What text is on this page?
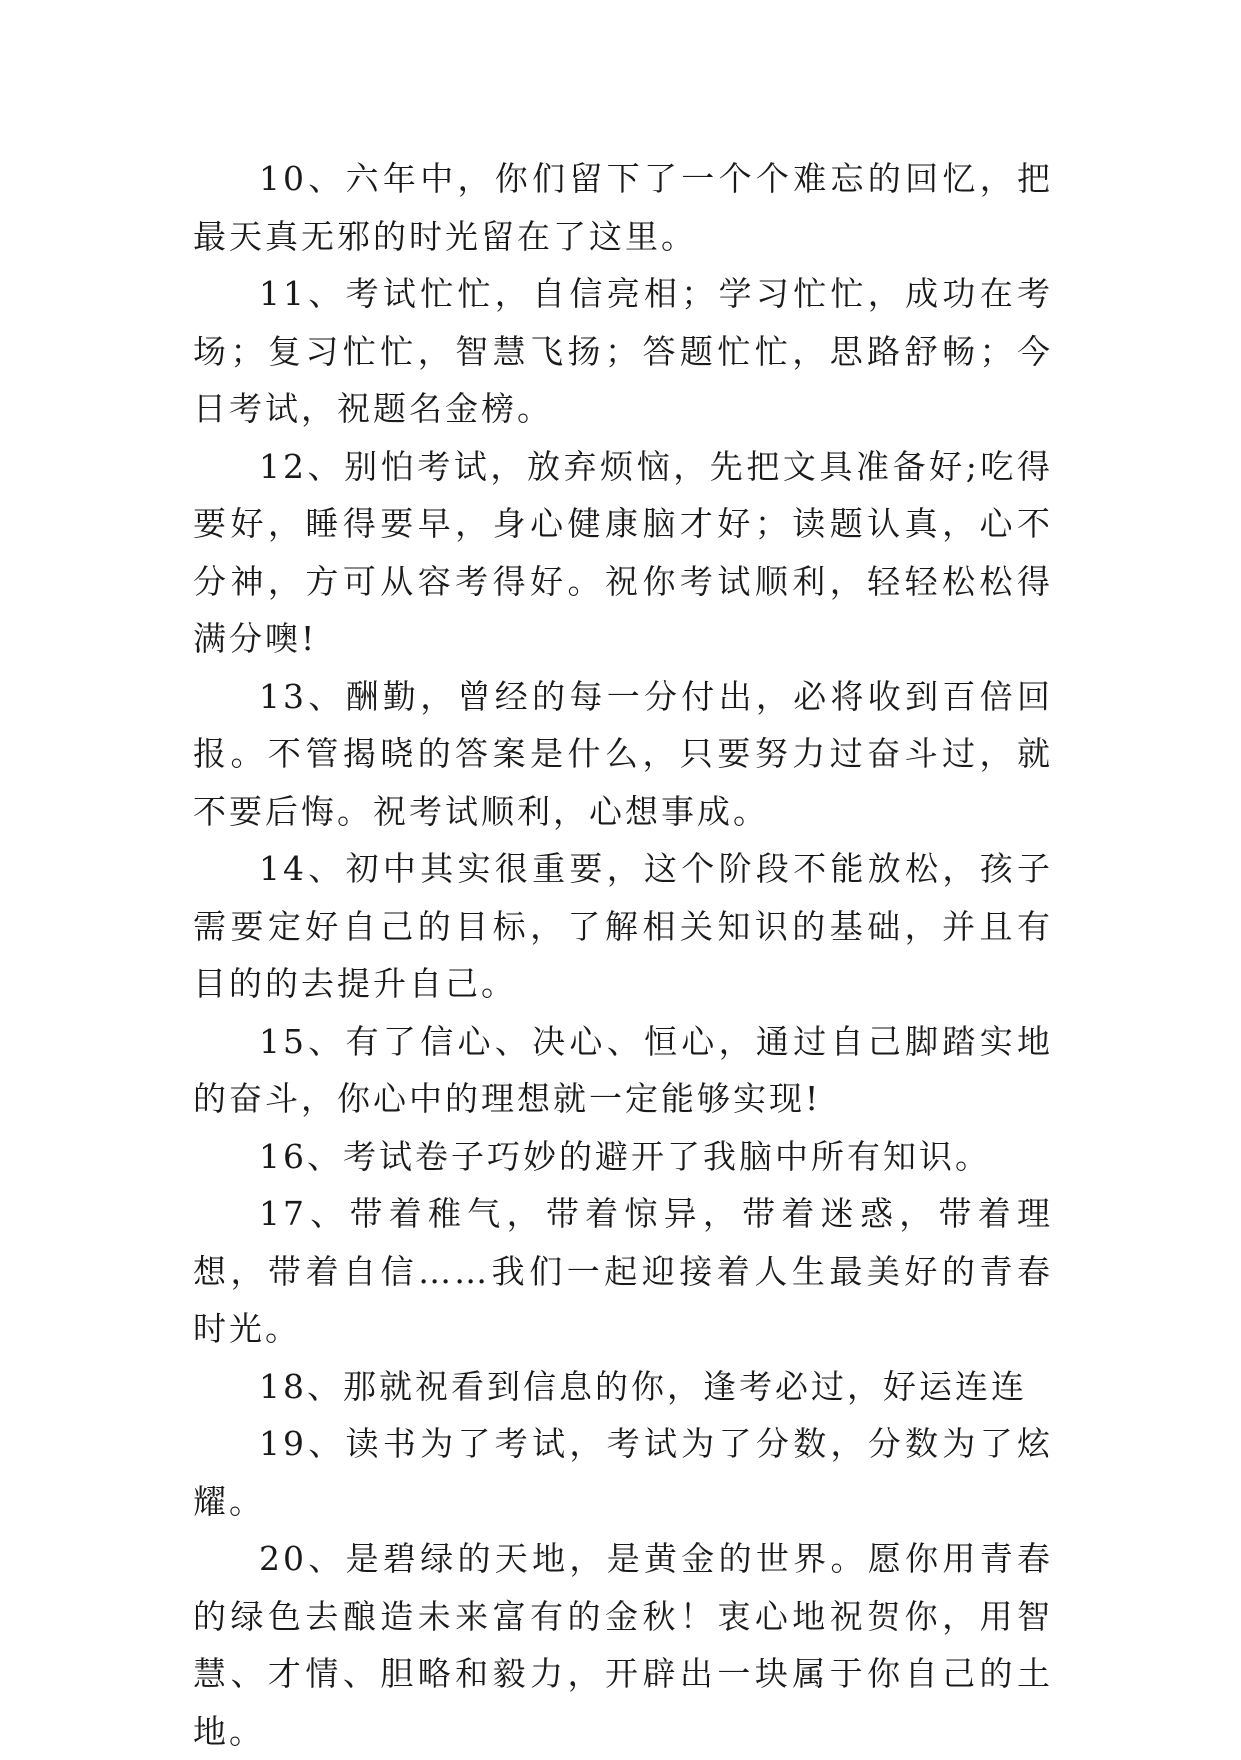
10、六年中，你们留下了一个个难忘的回忆，把最天真无邪的时光留在了这里。

11、考试忙忙，自信亮相；学习忙忙，成功在考场；复习忙忙，智慧飞扬；答题忙忙，思路舒畅；今日考试，祝题名金榜。

12、别怕考试，放弃烦恼，先把文具准备好;吃得要好，睡得要早，身心健康脑才好；读题认真，心不分神，方可从容考得好。祝你考试顺利，轻轻松松得满分噢!

13、酬勤，曾经的每一分付出，必将收到百倍回报。不管揭晓的答案是什么，只要努力过奋斗过，就不要后悔。祝考试顺利，心想事成。

14、初中其实很重要，这个阶段不能放松，孩子需要定好自己的目标，了解相关知识的基础，并且有目的的去提升自己。

15、有了信心、决心、恒心，通过自己脚踏实地的奋斗，你心中的理想就一定能够实现!

16、考试卷子巧妙的避开了我脑中所有知识。

17、带着稚气，带着惊异，带着迷惑，带着理想，带着自信……我们一起迎接着人生最美好的青春时光。

18、那就祝看到信息的你，逢考必过，好运连连

19、读书为了考试，考试为了分数，分数为了炫耀。

20、是碧绿的天地，是黄金的世界。愿你用青春的绿色去酿造未来富有的金秋！衷心地祝贺你，用智慧、才情、胆略和毅力，开辟出一块属于你自己的土地。
